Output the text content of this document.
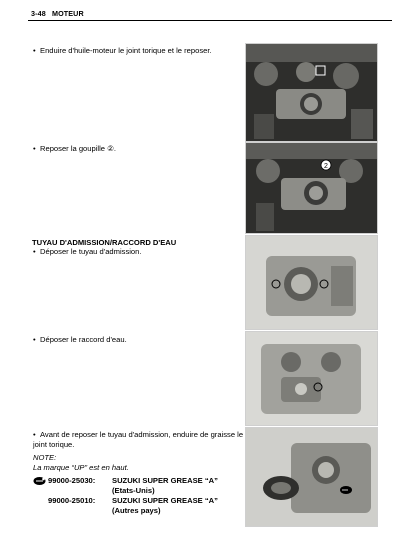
3-48 MOTEUR
• Enduire d'huile-moteur le joint torique et le reposer.
• Reposer la goupille ②.
2
TUYAU D'ADMISSION/RACCORD D'EAU
• Déposer le tuyau d'admission.
• Déposer le raccord d'eau.
• Avant de reposer le tuyau d'admission, enduire de graisse le
joint torique.
NOTE:
La marque “UP” est en haut.
99000-25030: SUZUKI SUPER GREASE “A”
(Etats-Unis)
99000-25010: SUZUKI SUPER GREASE “A”
(Autres pays)
